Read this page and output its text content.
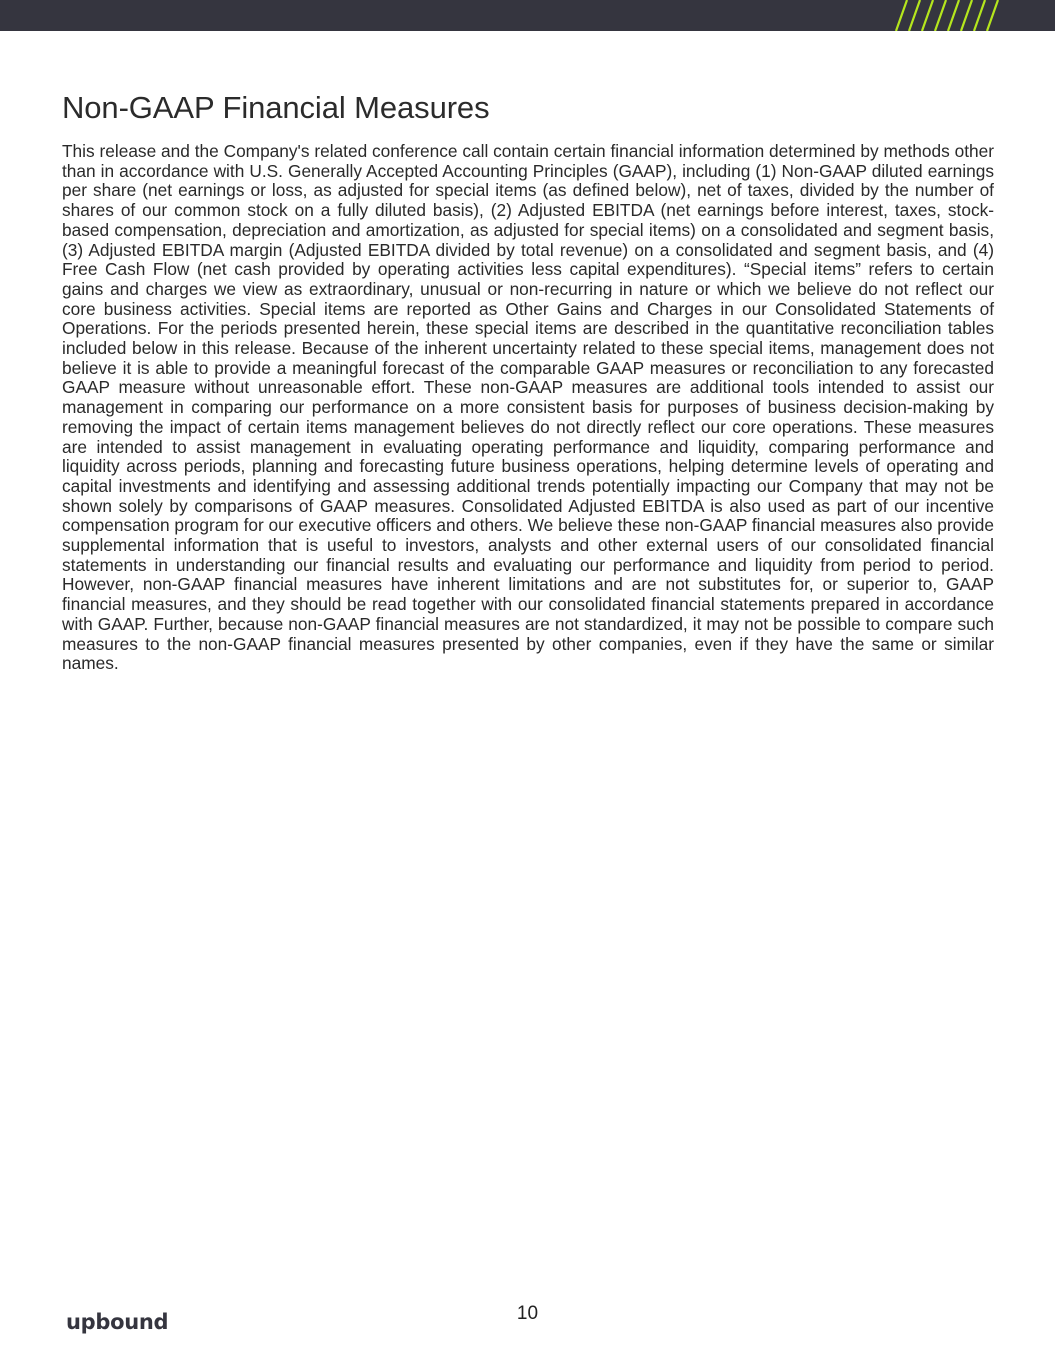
Non-GAAP Financial Measures

This release and the Company's related conference call contain certain financial information determined by methods other than in accordance with U.S. Generally Accepted Accounting Principles (GAAP), including (1) Non-GAAP diluted earnings per share (net earnings or loss, as adjusted for special items (as defined below), net of taxes, divided by the number of shares of our common stock on a fully diluted basis), (2) Adjusted EBITDA (net earnings before interest, taxes, stock-based compensation, depreciation and amortization, as adjusted for special items) on a consolidated and segment basis, (3) Adjusted EBITDA margin (Adjusted EBITDA divided by total revenue) on a consolidated and segment basis, and (4) Free Cash Flow (net cash provided by operating activities less capital expenditures). “Special items” refers to certain gains and charges we view as extraordinary, unusual or non-recurring in nature or which we believe do not reflect our core business activities. Special items are reported as Other Gains and Charges in our Consolidated Statements of Operations. For the periods presented herein, these special items are described in the quantitative reconciliation tables included below in this release. Because of the inherent uncertainty related to these special items, management does not believe it is able to provide a meaningful forecast of the comparable GAAP measures or reconciliation to any forecasted GAAP measure without unreasonable effort. These non-GAAP measures are additional tools intended to assist our management in comparing our performance on a more consistent basis for purposes of business decision-making by removing the impact of certain items management believes do not directly reflect our core operations. These measures are intended to assist management in evaluating operating performance and liquidity, comparing performance and liquidity across periods, planning and forecasting future business operations, helping determine levels of operating and capital investments and identifying and assessing additional trends potentially impacting our Company that may not be shown solely by comparisons of GAAP measures. Consolidated Adjusted EBITDA is also used as part of our incentive compensation program for our executive officers and others. We believe these non-GAAP financial measures also provide supplemental information that is useful to investors, analysts and other external users of our consolidated financial statements in understanding our financial results and evaluating our performance and liquidity from period to period. However, non-GAAP financial measures have inherent limitations and are not substitutes for, or superior to, GAAP financial measures, and they should be read together with our consolidated financial statements prepared in accordance with GAAP. Further, because non-GAAP financial measures are not standardized, it may not be possible to compare such measures to the non-GAAP financial measures presented by other companies, even if they have the same or similar names.

upbound	10
